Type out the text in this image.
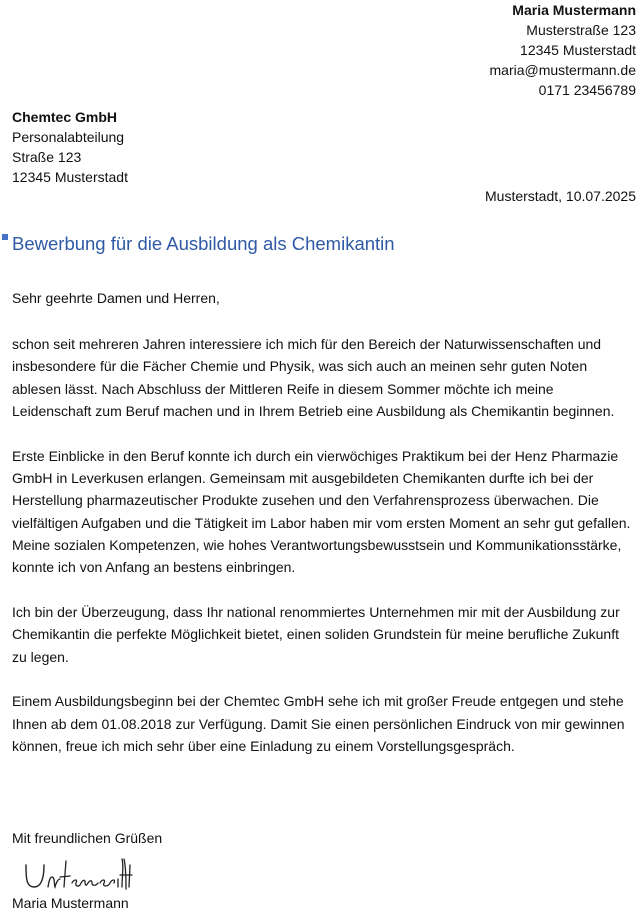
Maria Mustermann
Musterstraße 123
12345 Musterstadt
maria@mustermann.de
0171 23456789
Chemtec GmbH
Personalabteilung
Straße 123
12345 Musterstadt
Musterstadt, 10.07.2025
Bewerbung für die Ausbildung als Chemikantin
Sehr geehrte Damen und Herren,

schon seit mehreren Jahren interessiere ich mich für den Bereich der Naturwissenschaften und insbesondere für die Fächer Chemie und Physik, was sich auch an meinen sehr guten Noten ablesen lässt. Nach Abschluss der Mittleren Reife in diesem Sommer möchte ich meine Leidenschaft zum Beruf machen und in Ihrem Betrieb eine Ausbildung als Chemikantin beginnen.

Erste Einblicke in den Beruf konnte ich durch ein vierwöchiges Praktikum bei der Henz Pharmazie GmbH in Leverkusen erlangen. Gemeinsam mit ausgebildeten Chemikanten durfte ich bei der Herstellung pharmazeutischer Produkte zusehen und den Verfahrensprozess überwachen. Die vielfältigen Aufgaben und die Tätigkeit im Labor haben mir vom ersten Moment an sehr gut gefallen. Meine sozialen Kompetenzen, wie hohes Verantwortungsbewusstsein und Kommunikationsstärke, konnte ich von Anfang an bestens einbringen.

Ich bin der Überzeugung, dass Ihr national renommiertes Unternehmen mir mit der Ausbildung zur Chemikantin die perfekte Möglichkeit bietet, einen soliden Grundstein für meine berufliche Zukunft zu legen.

Einem Ausbildungsbeginn bei der Chemtec GmbH sehe ich mit großer Freude entgegen und stehe Ihnen ab dem 01.08.2018 zur Verfügung. Damit Sie einen persönlichen Eindruck von mir gewinnen können, freue ich mich sehr über eine Einladung zu einem Vorstellungsgespräch.

Mit freundlichen Grüßen
Maria Mustermann
